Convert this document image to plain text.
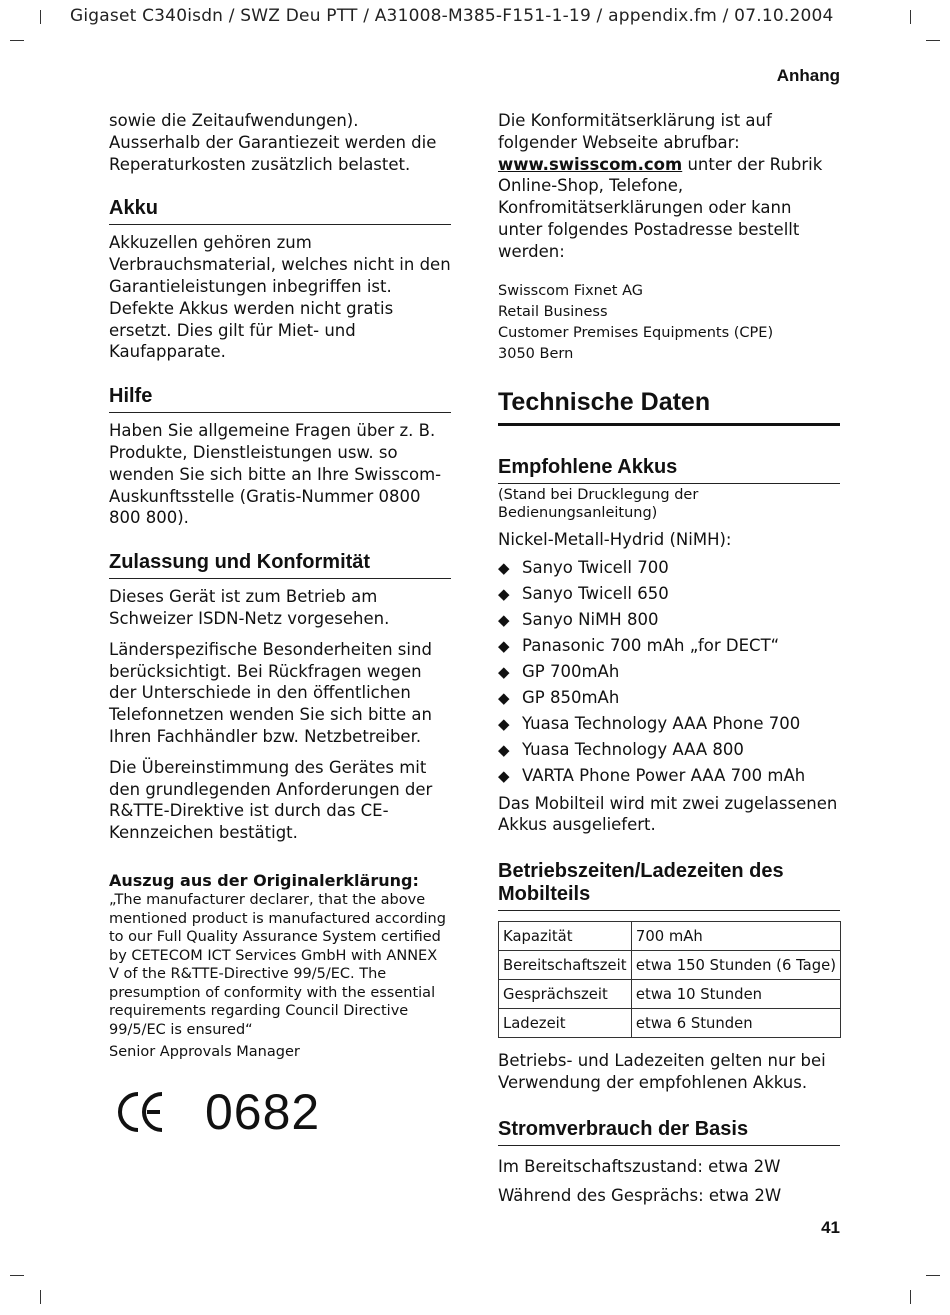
Gigaset C340isdn / SWZ Deu PTT / A31008-M385-F151-1-19 / appendix.fm / 07.10.2004
Anhang

sowie die Zeitaufwendungen). Ausserhalb der Garantiezeit werden die Reperaturkosten zusätzlich belastet.

Akku

Akkuzellen gehören zum Verbrauchsmaterial, welches nicht in den Garantieleistungen inbegriffen ist. Defekte Akkus werden nicht gratis ersetzt. Dies gilt für Miet- und Kaufapparate.

Hilfe

Haben Sie allgemeine Fragen über z. B. Produkte, Dienstleistungen usw. so wenden Sie sich bitte an Ihre Swisscom-Auskunftsstelle (Gratis-Nummer 0800 800 800).

Zulassung und Konformität

Dieses Gerät ist zum Betrieb am Schweizer ISDN-Netz vorgesehen.

Länderspezifische Besonderheiten sind berücksichtigt. Bei Rückfragen wegen der Unterschiede in den öffentlichen Telefonnetzen wenden Sie sich bitte an Ihren Fachhändler bzw. Netzbetreiber.

Die Übereinstimmung des Gerätes mit den grundlegenden Anforderungen der R&TTE-Direktive ist durch das CE-Kennzeichen bestätigt.

Auszug aus der Originalerklärung:

„The manufacturer declarer, that the above mentioned product is manufactured according to our Full Quality Assurance System certified by CETECOM ICT Services GmbH with ANNEX V of the R&TTE-Directive 99/5/EC. The presumption of conformity with the essential requirements regarding Council Directive 99/5/EC is ensured“

Senior Approvals Manager

0682

Die Konformitätserklärung ist auf folgender Webseite abrufbar: www.swisscom.com unter der Rubrik Online-Shop, Telefone, Konfromitätserklärungen oder kann unter folgendes Postadresse bestellt werden:

Swisscom Fixnet AG
Retail Business
Customer Premises Equipments (CPE)
3050 Bern
Technische Daten
Empfohlene Akkus

(Stand bei Drucklegung der Bedienungsanleitung)

Nickel-Metall-Hydrid (NiMH):

◆ Sanyo Twicell 700
◆ Sanyo Twicell 650
◆ Sanyo NiMH 800
◆ Panasonic 700 mAh „for DECT“
◆ GP 700mAh
◆ GP 850mAh
◆ Yuasa Technology AAA Phone 700
◆ Yuasa Technology AAA 800
◆ VARTA Phone Power AAA 700 mAh

Das Mobilteil wird mit zwei zugelassenen Akkus ausgeliefert.

Betriebszeiten/Ladezeiten des Mobilteils
Kapazität	700 mAh
Bereitschaftszeit	etwa 150 Stunden (6 Tage)
Gesprächszeit	etwa 10 Stunden
Ladezeit	etwa 6 Stunden

Betriebs- und Ladezeiten gelten nur bei Verwendung der empfohlenen Akkus.

Stromverbrauch der Basis

Im Bereitschaftszustand: etwa 2W

Während des Gesprächs: etwa 2W

41
